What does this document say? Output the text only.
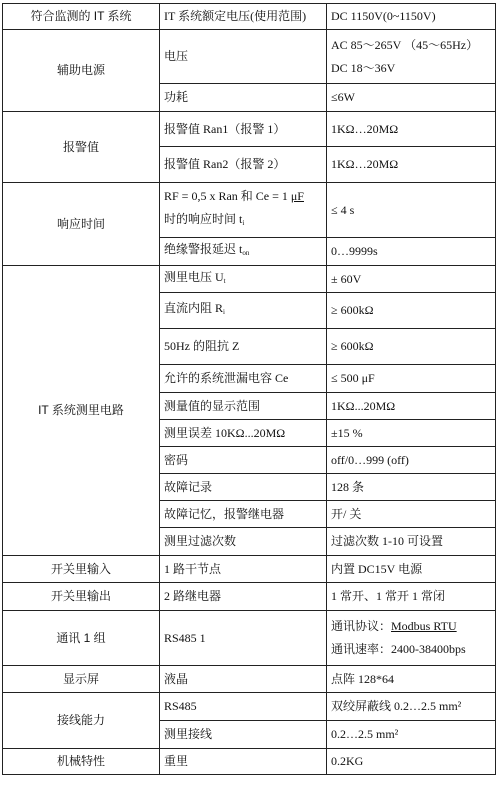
符合监测的 IT 系统	IT 系统额定电压(使用范围)	DC 1150V(0~1150V)
辅助电源	电压	AC 85～265V （45～65Hz）
DC 18～36V

	功耗	≤6W
报警值	报警值 Ran1（报警 1）	1KΩ…20MΩ
	报警值 Ran2（报警 2）	1KΩ…20MΩ
响应时间	RF = 0,5 x Ran 和 Ce = 1 μF
时的响应时间 $t_i$	≤ 4 s
	绝缘警报延迟 $t_{on}$	0…9999s
IT 系统测里电路	测里电压 $U_t$	± 60V
	直流内阻 $R_i$	≥ 600kΩ
	50Hz 的阻抗 Z	≥ 600kΩ
	允许的系统泄漏电容 Ce	≤ 500 μF
	测量值的显示范围	1KΩ...20MΩ
	测里误差 10KΩ...20MΩ	±15 %
	密码	off/0…999 (off)
	故障记录	128 条
	故障记忆，报警继电器	开/ 关
	测里过滤次数	过滤次数 1-10 可设置
开关里输入	1 路干节点	内置 DC15V 电源
开关里输出	2 路继电器	1 常开、1 常开 1 常闭
通讯 1 组	RS485 1	通讯协议：Modbus RTU
通讯速率：2400-38400bps

显示屏	液晶	点阵 128*64
接线能力	RS485	双绞屏蔽线 0.2…2.5 mm²
	测里接线	0.2…2.5 mm²
机械特性	重里	0.2KG
